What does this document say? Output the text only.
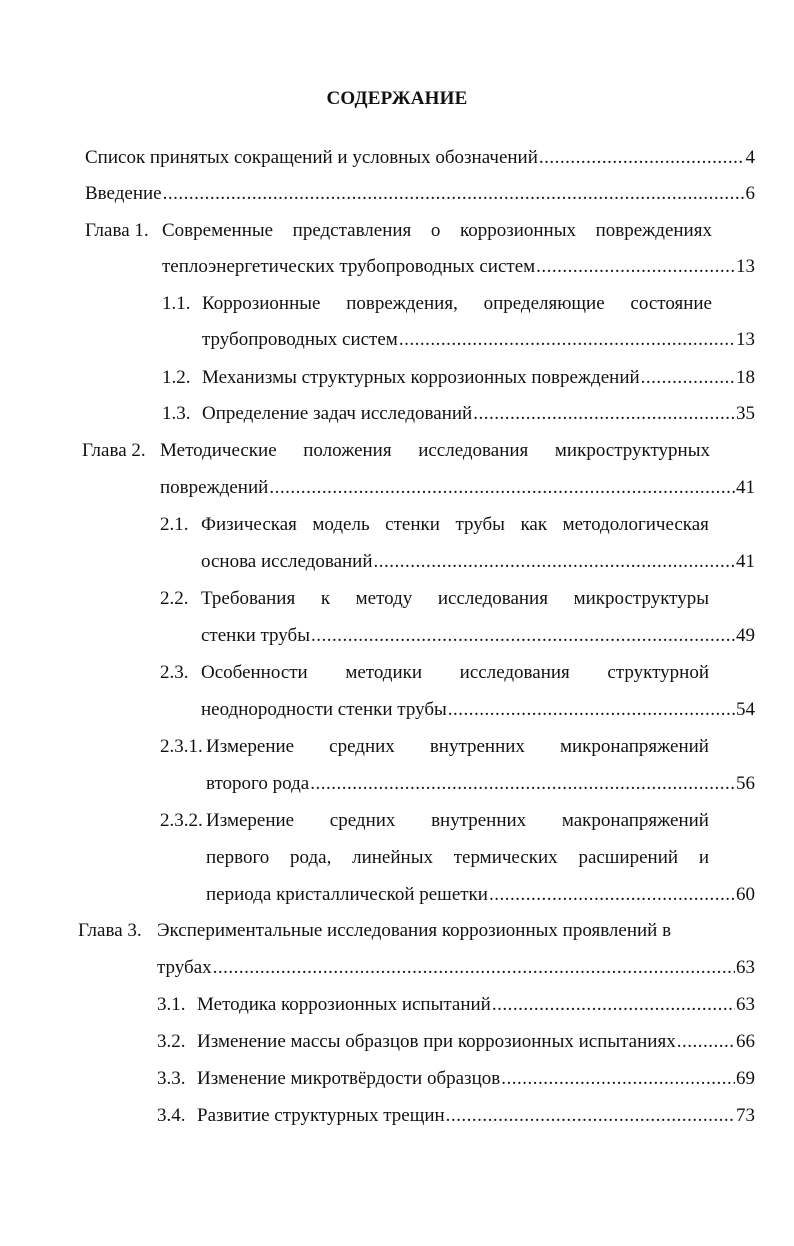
СОДЕРЖАНИЕ
Список принятых сокращений и условных обозначений .....	4
Введение .....	6
Глава 1. Современные представления о коррозионных повреждениях
теплоэнергетических трубопроводных систем .....	13
1.1. Коррозионные повреждения, определяющие состояние
трубопроводных систем .....	13
1.2. Механизмы структурных коррозионных повреждений .....	18
1.3. Определение задач исследований .....	35
Глава 2. Методические положения исследования микроструктурных
повреждений .....	41
2.1. Физическая модель стенки трубы как методологическая
основа исследований .....	41
2.2. Требования к методу исследования микроструктуры
стенки трубы .....	49
2.3. Особенности методики исследования структурной
неоднородности стенки трубы .....	54
2.3.1. Измерение средних внутренних микронапряжений
второго рода .....	56
2.3.2. Измерение средних внутренних макронапряжений
первого рода, линейных термических расширений и
периода кристаллической решетки .....	60
Глава 3. Экспериментальные исследования коррозионных проявлений в
трубах .....	63
3.1. Методика коррозионных испытаний .....	63
3.2. Изменение массы образцов при коррозионных испытаниях .....	66
3.3. Изменение микротвёрдости образцов .....	69
3.4. Развитие структурных трещин .....	73
